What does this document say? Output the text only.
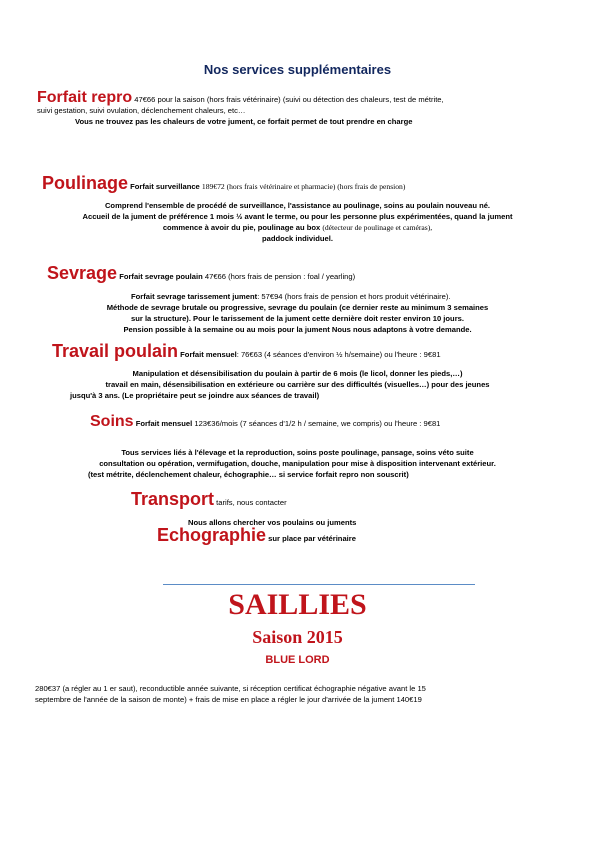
Nos services supplémentaires
Forfait repro 47€66 pour la saison (hors frais vétérinaire) (suivi ou détection des chaleurs, test de métrite,
suivi gestation, suivi ovulation, déclenchement chaleurs, etc…
Vous ne trouvez pas les chaleurs de votre jument, ce forfait permet de tout prendre en charge
Poulinage Forfait surveillance 189€72 (hors frais vétérinaire et pharmacie) (hors frais de pension)
Comprend l'ensemble de procédé de surveillance, l'assistance au poulinage, soins au poulain nouveau né.
Accueil de la jument de préférence 1 mois ½ avant le terme, ou pour les personne plus expérimentées, quand la jument
commence à avoir du pie, poulinage au box (détecteur de poulinage et caméras),
paddock individuel.
Sevrage Forfait sevrage poulain 47€66 (hors frais de pension : foal / yearling)
Forfait sevrage tarissement jument: 57€94 (hors frais de pension et hors produit vétérinaire).
Méthode de sevrage brutale ou progressive, sevrage du poulain (ce dernier reste au minimum 3 semaines
sur la structure). Pour le tarissement de la jument cette dernière doit rester environ 10 jours.
Pension possible à la semaine ou au mois pour la jument Nous nous adaptons à votre demande.
Travail poulain Forfait mensuel: 76€63 (4 séances d'environ ½ h/semaine) ou l'heure : 9€81
Manipulation et désensibilisation du poulain à partir de 6 mois (le licol, donner les pieds,…)
travail en main, désensibilisation en extérieure ou carrière sur des difficultés (visuelles…) pour des jeunes
jusqu'à 3 ans. (Le propriétaire peut se joindre aux séances de travail)
Soins Forfait mensuel 123€36/mois (7 séances d'1/2 h / semaine, we compris) ou l'heure : 9€81
Tous services liés à l'élevage et la reproduction, soins poste poulinage, pansage, soins véto suite
consultation ou opération, vermifugation, douche, manipulation pour mise à disposition intervenant extérieur.
(test métrite, déclenchement chaleur, échographie… si service forfait repro non souscrit)
Transport tarifs, nous contacter
Nous allons chercher vos poulains ou juments
Echographie sur place par vétérinaire
SAILLIES
Saison 2015
BLUE LORD
280€37 (a régler au 1 er saut), reconductible année suivante, si réception certificat échographie négative avant le 15
septembre de l'année de la saison de monte) + frais de mise en place a régler le jour d'arrivée de la jument 140€19
